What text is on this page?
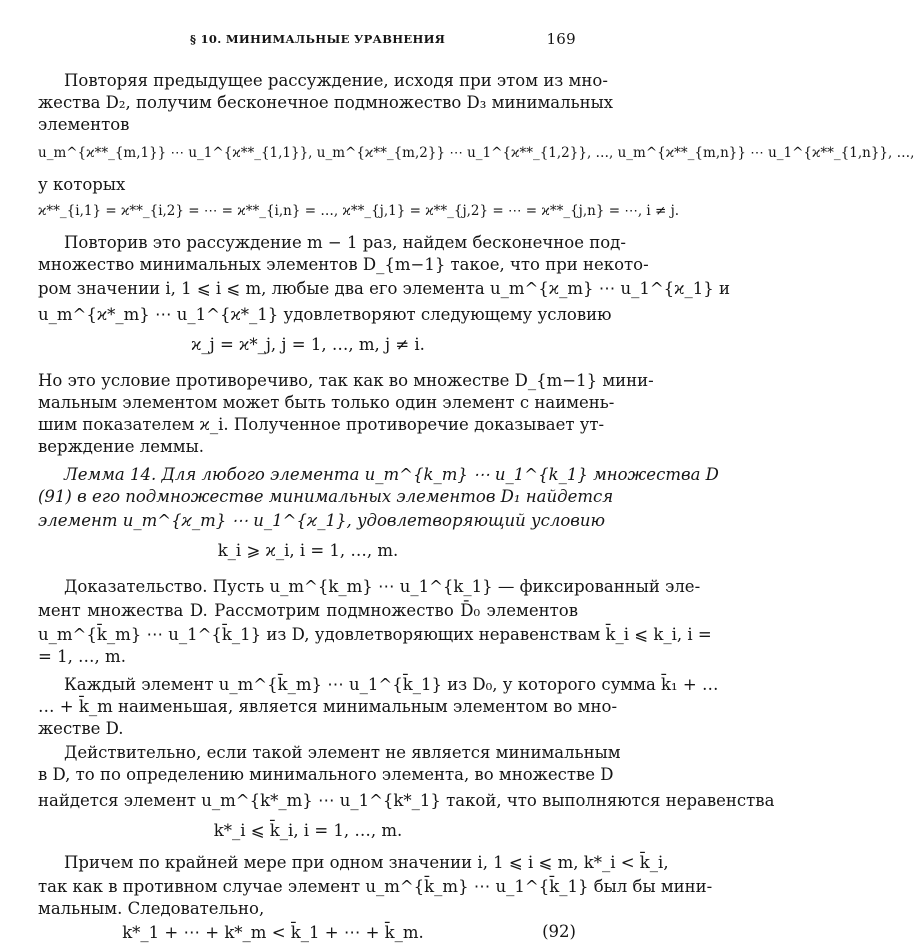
§ 10. МИНИМАЛЬНЫЕ УРАВНЕНИЯ	169
Повторяя предыдущее рассуждение, исходя при этом из мно-
жества D₂, получим бесконечное подмножество D₃ минимальных
элементов
u_m^{ϰ**_{m,1}} ⋯ u_1^{ϰ**_{1,1}}, u_m^{ϰ**_{m,2}} ⋯ u_1^{ϰ**_{1,2}}, …, u_m^{ϰ**_{m,n}} ⋯ u_1^{ϰ**_{1,n}}, …,
у которых
ϰ**_{i,1} = ϰ**_{i,2} = ⋯ = ϰ**_{i,n} = …, ϰ**_{j,1} = ϰ**_{j,2} = ⋯ = ϰ**_{j,n} = ⋯, i ≠ j.
Повторив это рассуждение m − 1 раз, найдем бесконечное под-
множество минимальных элементов D_{m−1} такое, что при некото-
ром значении i, 1 ⩽ i ⩽ m, любые два его элемента u_m^{ϰ_m} ⋯ u_1^{ϰ_1} и
u_m^{ϰ*_m} ⋯ u_1^{ϰ*_1} удовлетворяют следующему условию
ϰ_j = ϰ*_j, j = 1, …, m, j ≠ i.
Но это условие противоречиво, так как во множестве D_{m−1} мини-
мальным элементом может быть только один элемент с наимень-
шим показателем ϰ_i. Полученное противоречие доказывает ут-
верждение леммы.
Лемма 14. Для любого элемента u_m^{k_m} ⋯ u_1^{k_1} множества D
(91) в его подмножестве минимальных элементов D₁ найдется
элемент u_m^{ϰ_m} ⋯ u_1^{ϰ_1}, удовлетворяющий условию
k_i ⩾ ϰ_i, i = 1, …, m.
Доказательство. Пусть u_m^{k_m} ⋯ u_1^{k_1} — фиксированный эле-
мент множества D. Рассмотрим подмножество D̄₀ элементов
u_m^{k̄_m} ⋯ u_1^{k̄_1} из D, удовлетворяющих неравенствам k̄_i ⩽ k_i, i =
= 1, …, m.
Каждый элемент u_m^{k̄_m} ⋯ u_1^{k̄_1} из D₀, у которого сумма k̄₁ + …
… + k̄_m наименьшая, является минимальным элементом во мно-
жестве D.
Действительно, если такой элемент не является минимальным
в D, то по определению минимального элемента, во множестве D
найдется элемент u_m^{k*_m} ⋯ u_1^{k*_1} такой, что выполняются неравенства
k*_i ⩽ k̄_i, i = 1, …, m.
Причем по крайней мере при одном значении i, 1 ⩽ i ⩽ m, k*_i < k̄_i,
так как в противном случае элемент u_m^{k̄_m} ⋯ u_1^{k̄_1} был бы мини-
мальным. Следовательно,
k*_1 + ⋯ + k*_m < k̄_1 + ⋯ + k̄_m.	(92)
